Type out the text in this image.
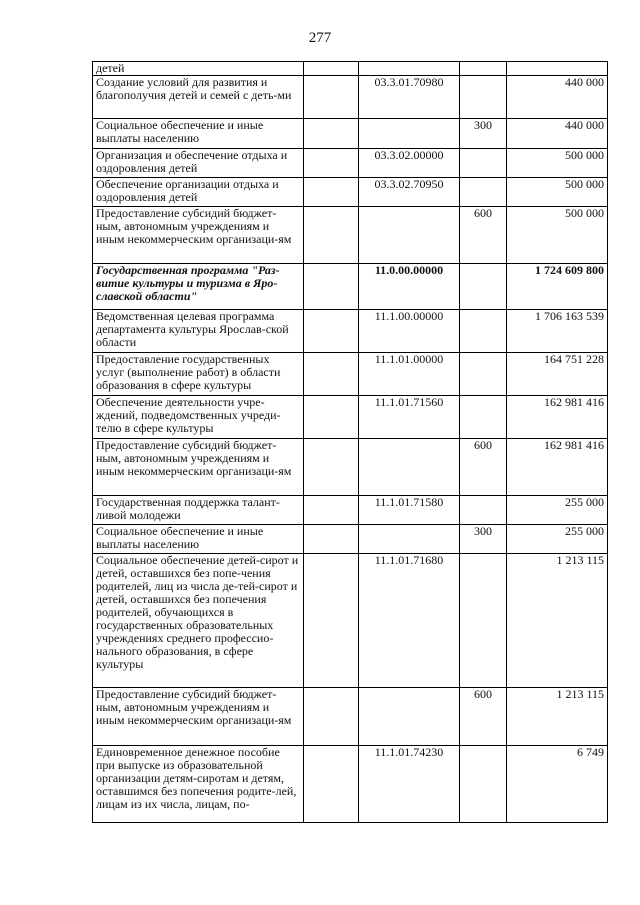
277
детей				
Создание условий для развития и благополучия детей и семей с деть-ми		03.3.01.70980		440 000
Социальное обеспечение и иные выплаты населению			300	440 000
Организация и обеспечение отдыха и оздоровления детей		03.3.02.00000		500 000
Обеспечение организации отдыха и оздоровления детей		03.3.02.70950		500 000
Предоставление субсидий бюджет-ным, автономным учреждениям и иным некоммерческим организаци-ям			600	500 000
Государственная программа "Раз-витие культуры и туризма в Яро-славской области"		11.0.00.00000		1 724 609 800
Ведомственная целевая программа департамента культуры Ярослав-ской области		11.1.00.00000		1 706 163 539
Предоставление государственных услуг (выполнение работ) в области образования в сфере культуры		11.1.01.00000		164 751 228
Обеспечение деятельности учре-ждений, подведомственных учреди-телю в сфере культуры		11.1.01.71560		162 981 416
Предоставление субсидий бюджет-ным, автономным учреждениям и иным некоммерческим организаци-ям			600	162 981 416
Государственная поддержка талант-ливой молодежи		11.1.01.71580		255 000
Социальное обеспечение и иные выплаты населению			300	255 000
Социальное обеспечение детей-сирот и детей, оставшихся без попе-чения родителей, лиц из числа де-тей-сирот и детей, оставшихся без попечения родителей, обучающихся в государственных образовательных учреждениях среднего профессио-нального образования, в сфере культуры		11.1.01.71680		1 213 115
Предоставление субсидий бюджет-ным, автономным учреждениям и иным некоммерческим организаци-ям			600	1 213 115
Единовременное денежное пособие при выпуске из образовательной организации детям-сиротам и детям, оставшимся без попечения родите-лей, лицам из их числа, лицам, по-		11.1.01.74230		6 749
